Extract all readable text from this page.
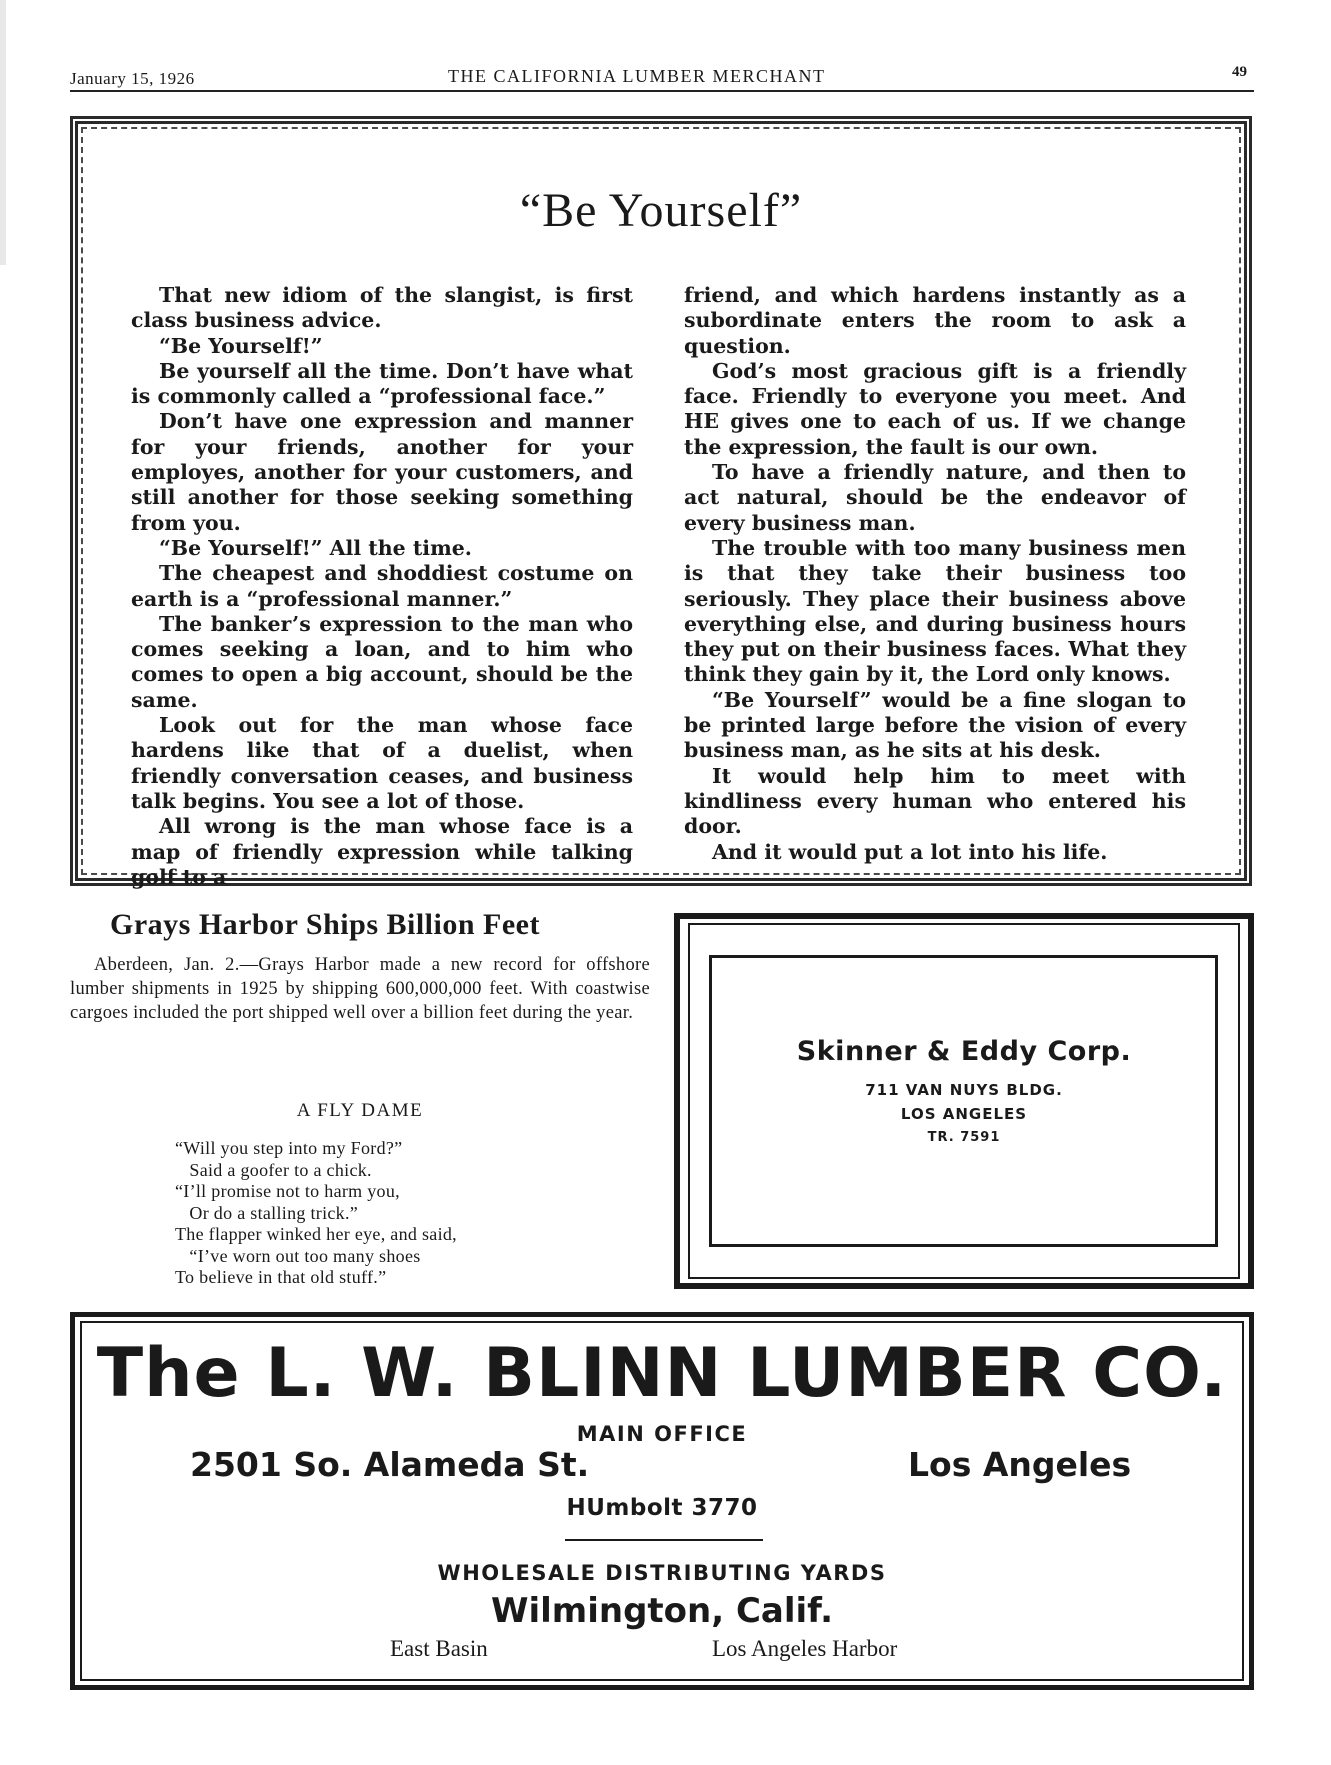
January 15, 1926	THE CALIFORNIA LUMBER MERCHANT	49
“Be Yourself”

That new idiom of the slangist, is first class business advice.

“Be Yourself!”

Be yourself all the time. Don’t have what is commonly called a “professional face.”

Don’t have one expression and manner for your friends, another for your employes, another for your customers, and still another for those seeking something from you.

“Be Yourself!” All the time.

The cheapest and shoddiest costume on earth is a “professional manner.”

The banker’s expression to the man who comes seeking a loan, and to him who comes to open a big account, should be the same.

Look out for the man whose face hardens like that of a duelist, when friendly conversation ceases, and business talk begins. You see a lot of those.

All wrong is the man whose face is a map of friendly expression while talking golf to a

friend, and which hardens instantly as a subordinate enters the room to ask a question.

God’s most gracious gift is a friendly face. Friendly to everyone you meet. And HE gives one to each of us. If we change the expression, the fault is our own.

To have a friendly nature, and then to act natural, should be the endeavor of every business man.

The trouble with too many business men is that they take their business too seriously. They place their business above everything else, and during business hours they put on their business faces. What they think they gain by it, the Lord only knows.

“Be Yourself” would be a fine slogan to be printed large before the vision of every business man, as he sits at his desk.

It would help him to meet with kindliness every human who entered his door.

And it would put a lot into his life.

Grays Harbor Ships Billion Feet

Aberdeen, Jan. 2.—Grays Harbor made a new record for offshore lumber shipments in 1925 by shipping 600,000,000 feet. With coastwise cargoes included the port shipped well over a billion feet during the year.

A FLY DAME
“Will you step into my Ford?”
Said a goofer to a chick.
“I’ll promise not to harm you,
Or do a stalling trick.”
The flapper winked her eye, and said,
“I’ve worn out too many shoes
To believe in that old stuff.”
Skinner & Eddy Corp.
711 VAN NUYS BLDG.
LOS ANGELES
TR. 7591
The L. W. BLINN LUMBER CO.
MAIN OFFICE
2501 So. Alameda St.	Los Angeles
HUmbolt 3770
WHOLESALE DISTRIBUTING YARDS
Wilmington, Calif.
East Basin	Los Angeles Harbor
